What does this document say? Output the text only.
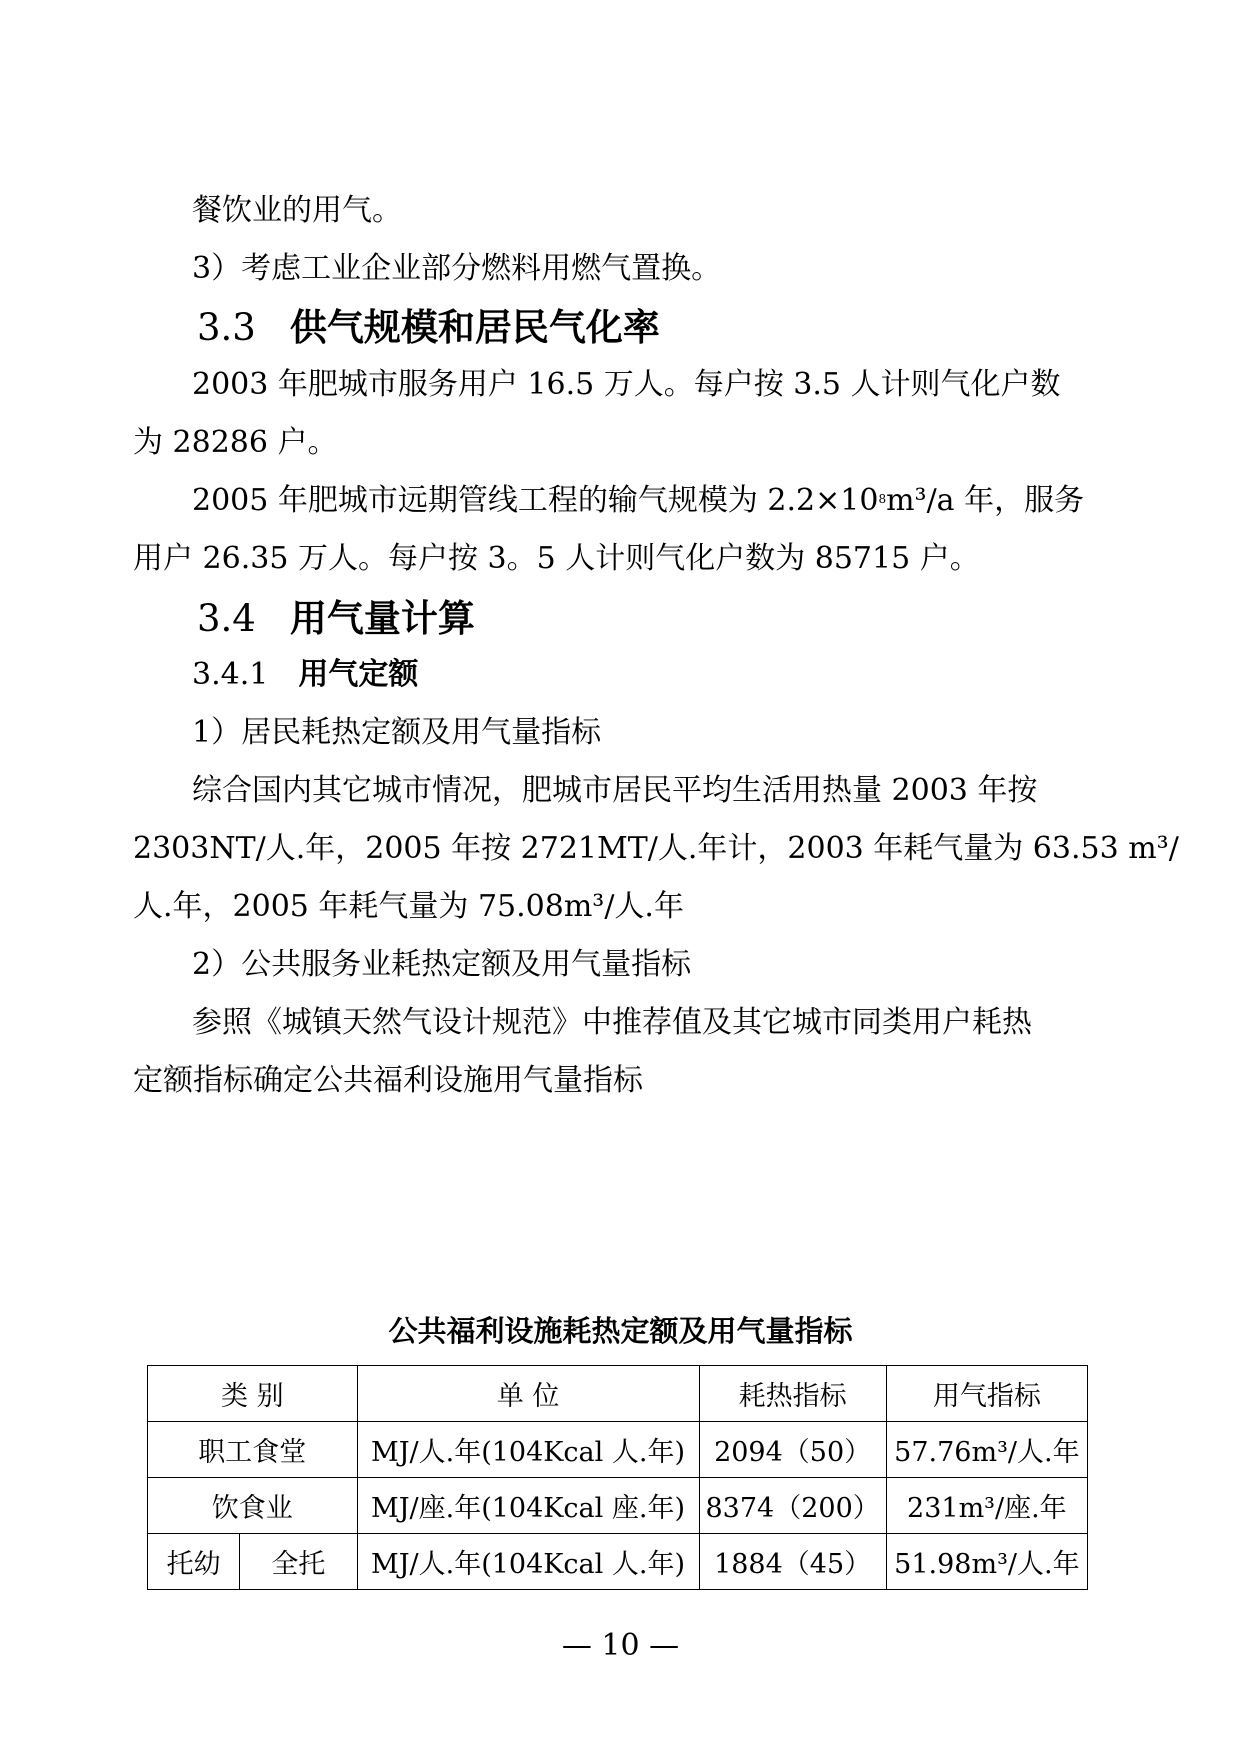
餐饮业的用气。
3）考虑工业企业部分燃料用燃气置换。
3.3 供气规模和居民气化率
2003 年肥城市服务用户 16.5 万人。每户按 3.5 人计则气化户数
为 28286 户。
2005 年肥城市远期管线工程的输气规模为 $2.2\times 10^8m^3/a$ 年，服务
用户 26.35 万人。每户按 3。5 人计则气化户数为 85715 户。
3.4 用气量计算
3.4.1 用气定额
1）居民耗热定额及用气量指标
综合国内其它城市情况，肥城市居民平均生活用热量 2003 年按
2303NT/人.年，2005 年按 2721MT/人.年计，2003 年耗气量为 63.53 m³/
人.年，2005 年耗气量为 75.08m³/人.年
2）公共服务业耗热定额及用气量指标
参照《城镇天然气设计规范》中推荐值及其它城市同类用户耗热
定额指标确定公共福利设施用气量指标
公共福利设施耗热定额及用气量指标
类 别		单 位	耗热指标	用气指标
职工食堂		MJ/人.年(104Kcal 人.年)	2094（50）	57.76m³/人.年
饮食业		MJ/座.年(104Kcal 座.年)	8374（200）	231m³/座.年
托幼	全托	MJ/人.年(104Kcal 人.年)	1884（45）	51.98m³/人.年
— 10 —
